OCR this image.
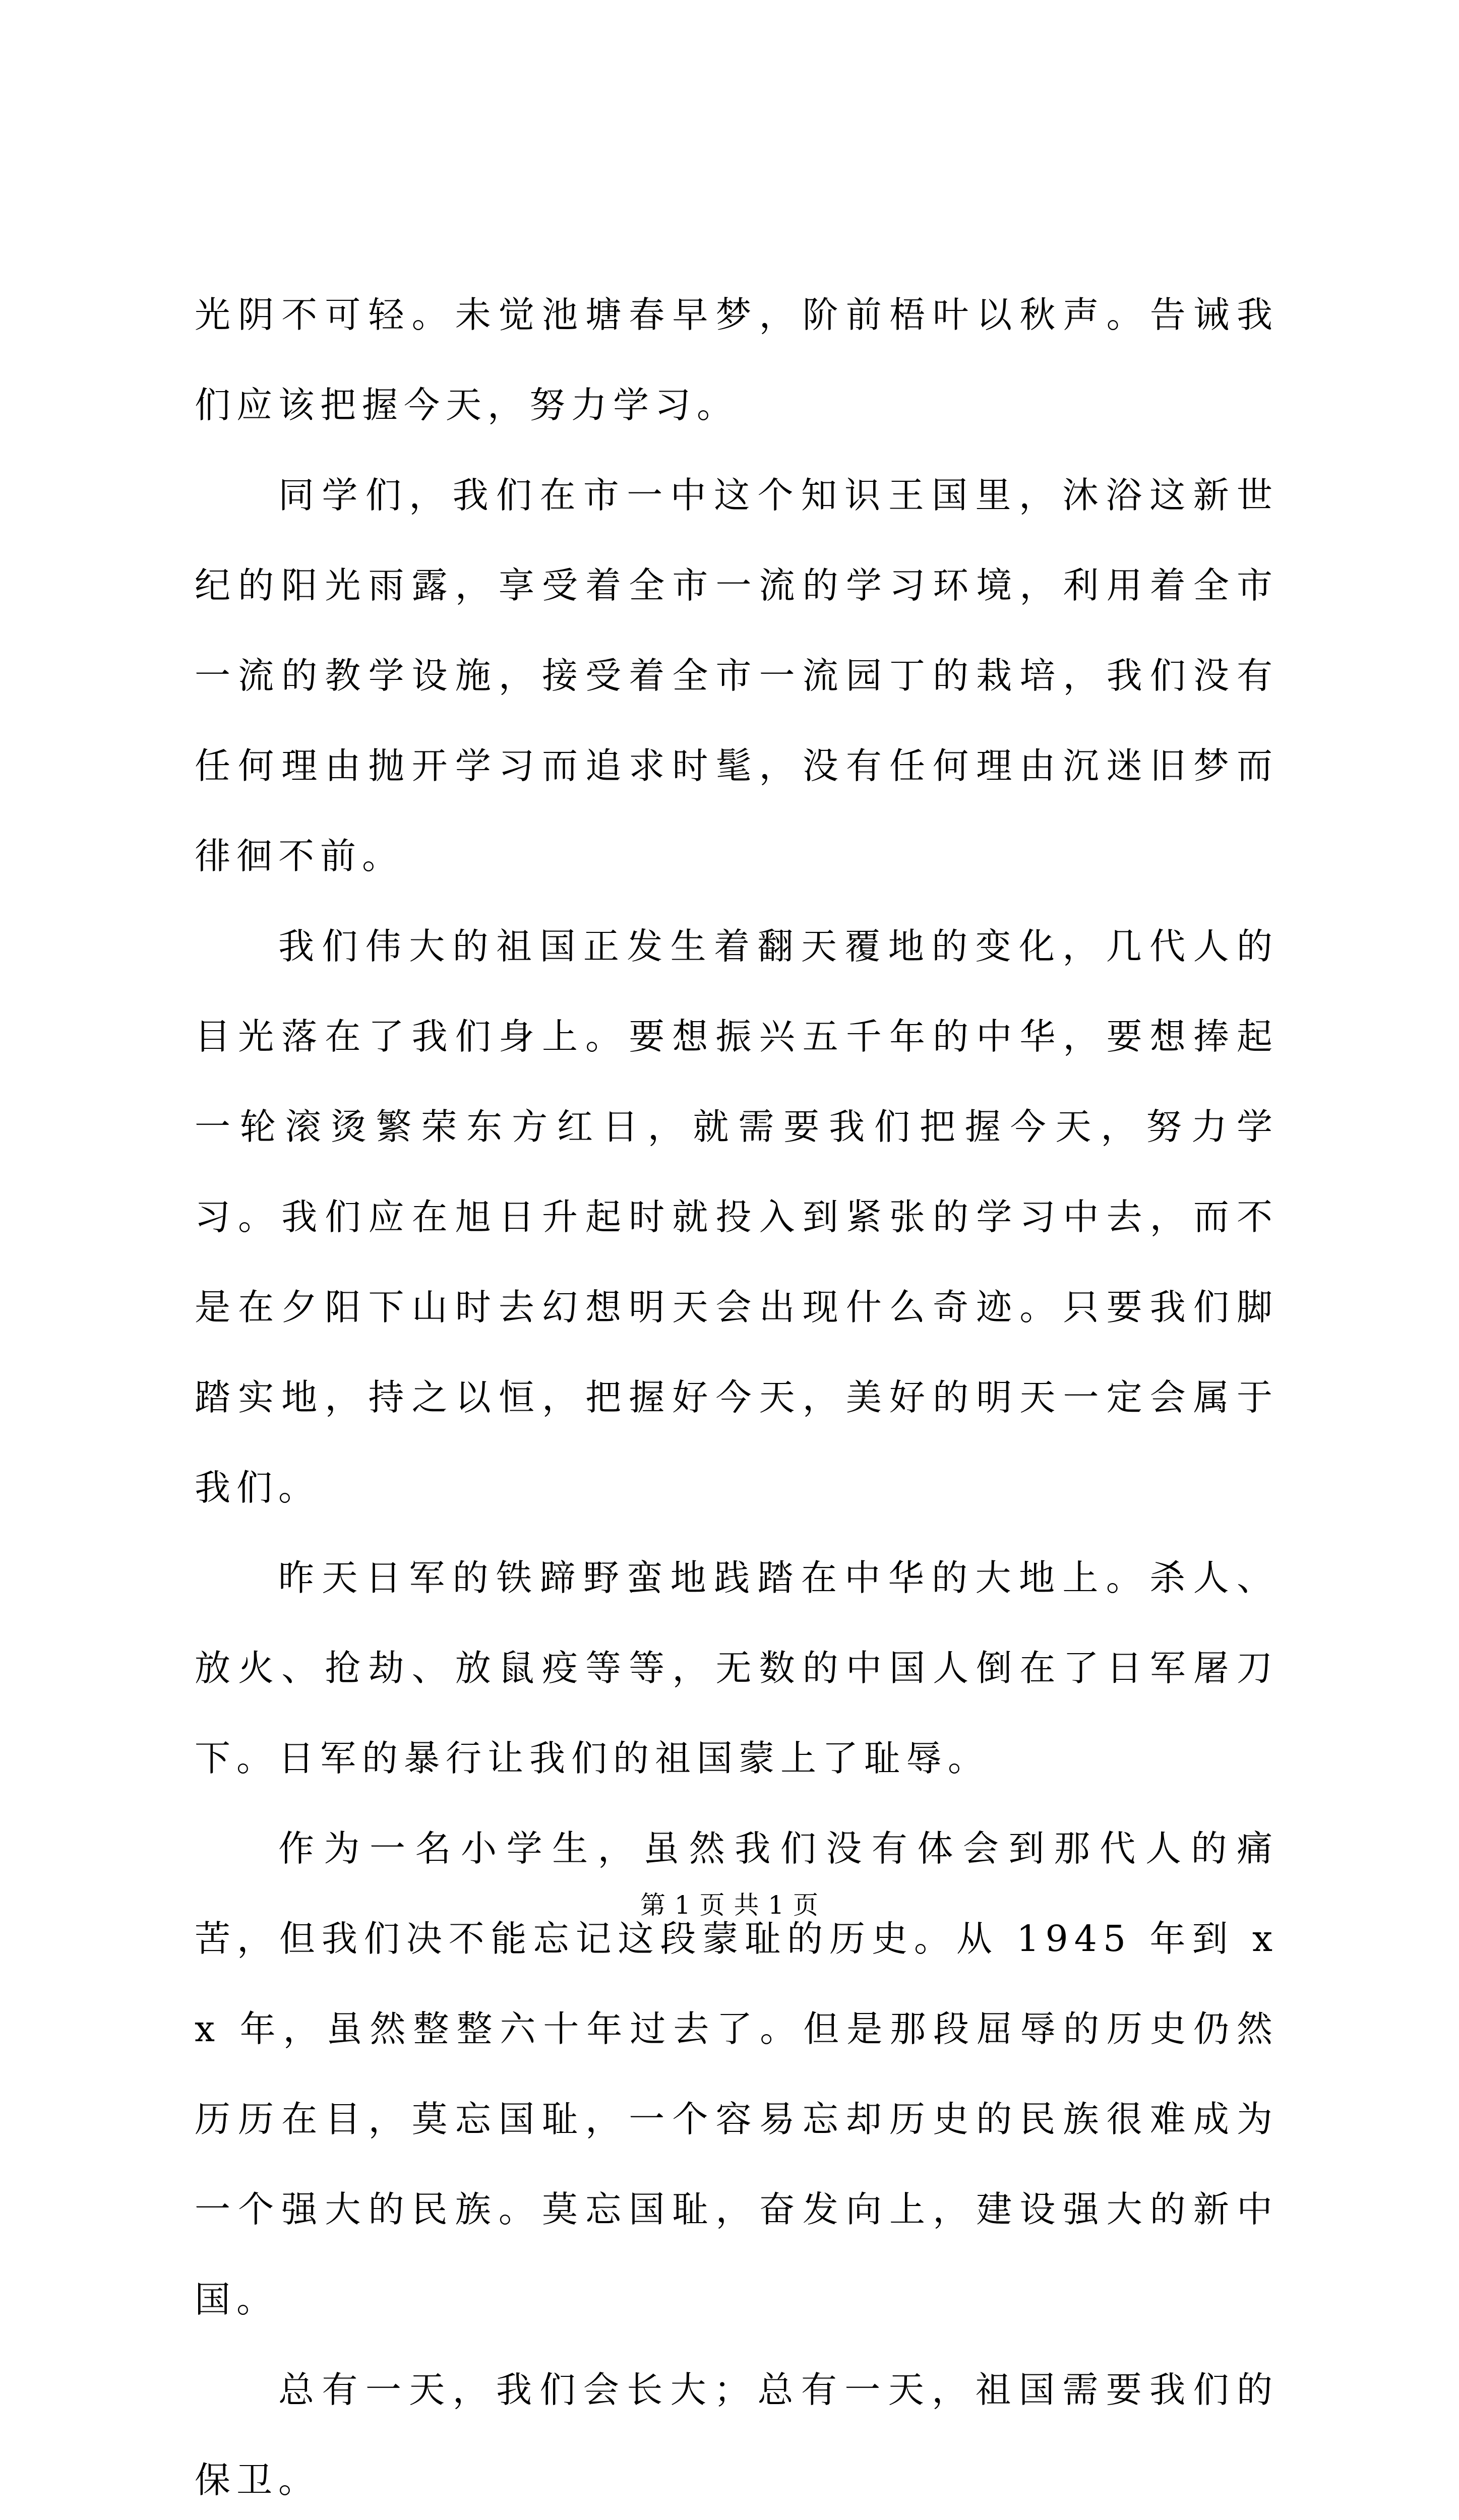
光阴不可轻。未觉池塘春早梦，阶前梧叶以秋声。告诫我们应该把握今天，努力学习。

同学们，我们在市一中这个知识王国里，沐浴这新世纪的阳光雨露，享受着全市一流的学习环境，利用着全市一流的教学设施，接受着全市一流园丁的栽培，我们没有任何理由抛开学习而追求时髦，没有任何理由沉迷旧梦而徘徊不前。

我们伟大的祖国正发生着翻天覆地的变化，几代人的目光落在了我们身上。要想振兴五千年的中华，要想捧起一轮滚烫繁荣东方红日，就需要我们把握今天，努力学习。我们应在旭日升起时就投入到紧张的学习中去，而不是在夕阳下山时去幻想明天会出现什么奇迹。只要我们脚踏实地，持之以恒，把握好今天，美好的明天一定会属于我们。

昨天日军的铁蹄野蛮地践踏在中华的大地上。杀人、放火、抢劫、放鼠疫等等，无数的中国人倒在了日军屠刀下。日军的暴行让我们的祖国蒙上了耻辱。

作为一名小学生，虽然我们没有体会到那代人的痛苦，但我们决不能忘记这段蒙耻的历史。从 1945 年到 xx 年，虽然整整六十年过去了。但是那段屈辱的历史仍然历历在目，莫忘国耻，一个容易忘却历史的民族很难成为一个强大的民族。莫忘国耻，奋发向上，建设强大的新中国。

总有一天，我们会长大；总有一天，祖国需要我们的保卫。

第 1 页 共 1 页
